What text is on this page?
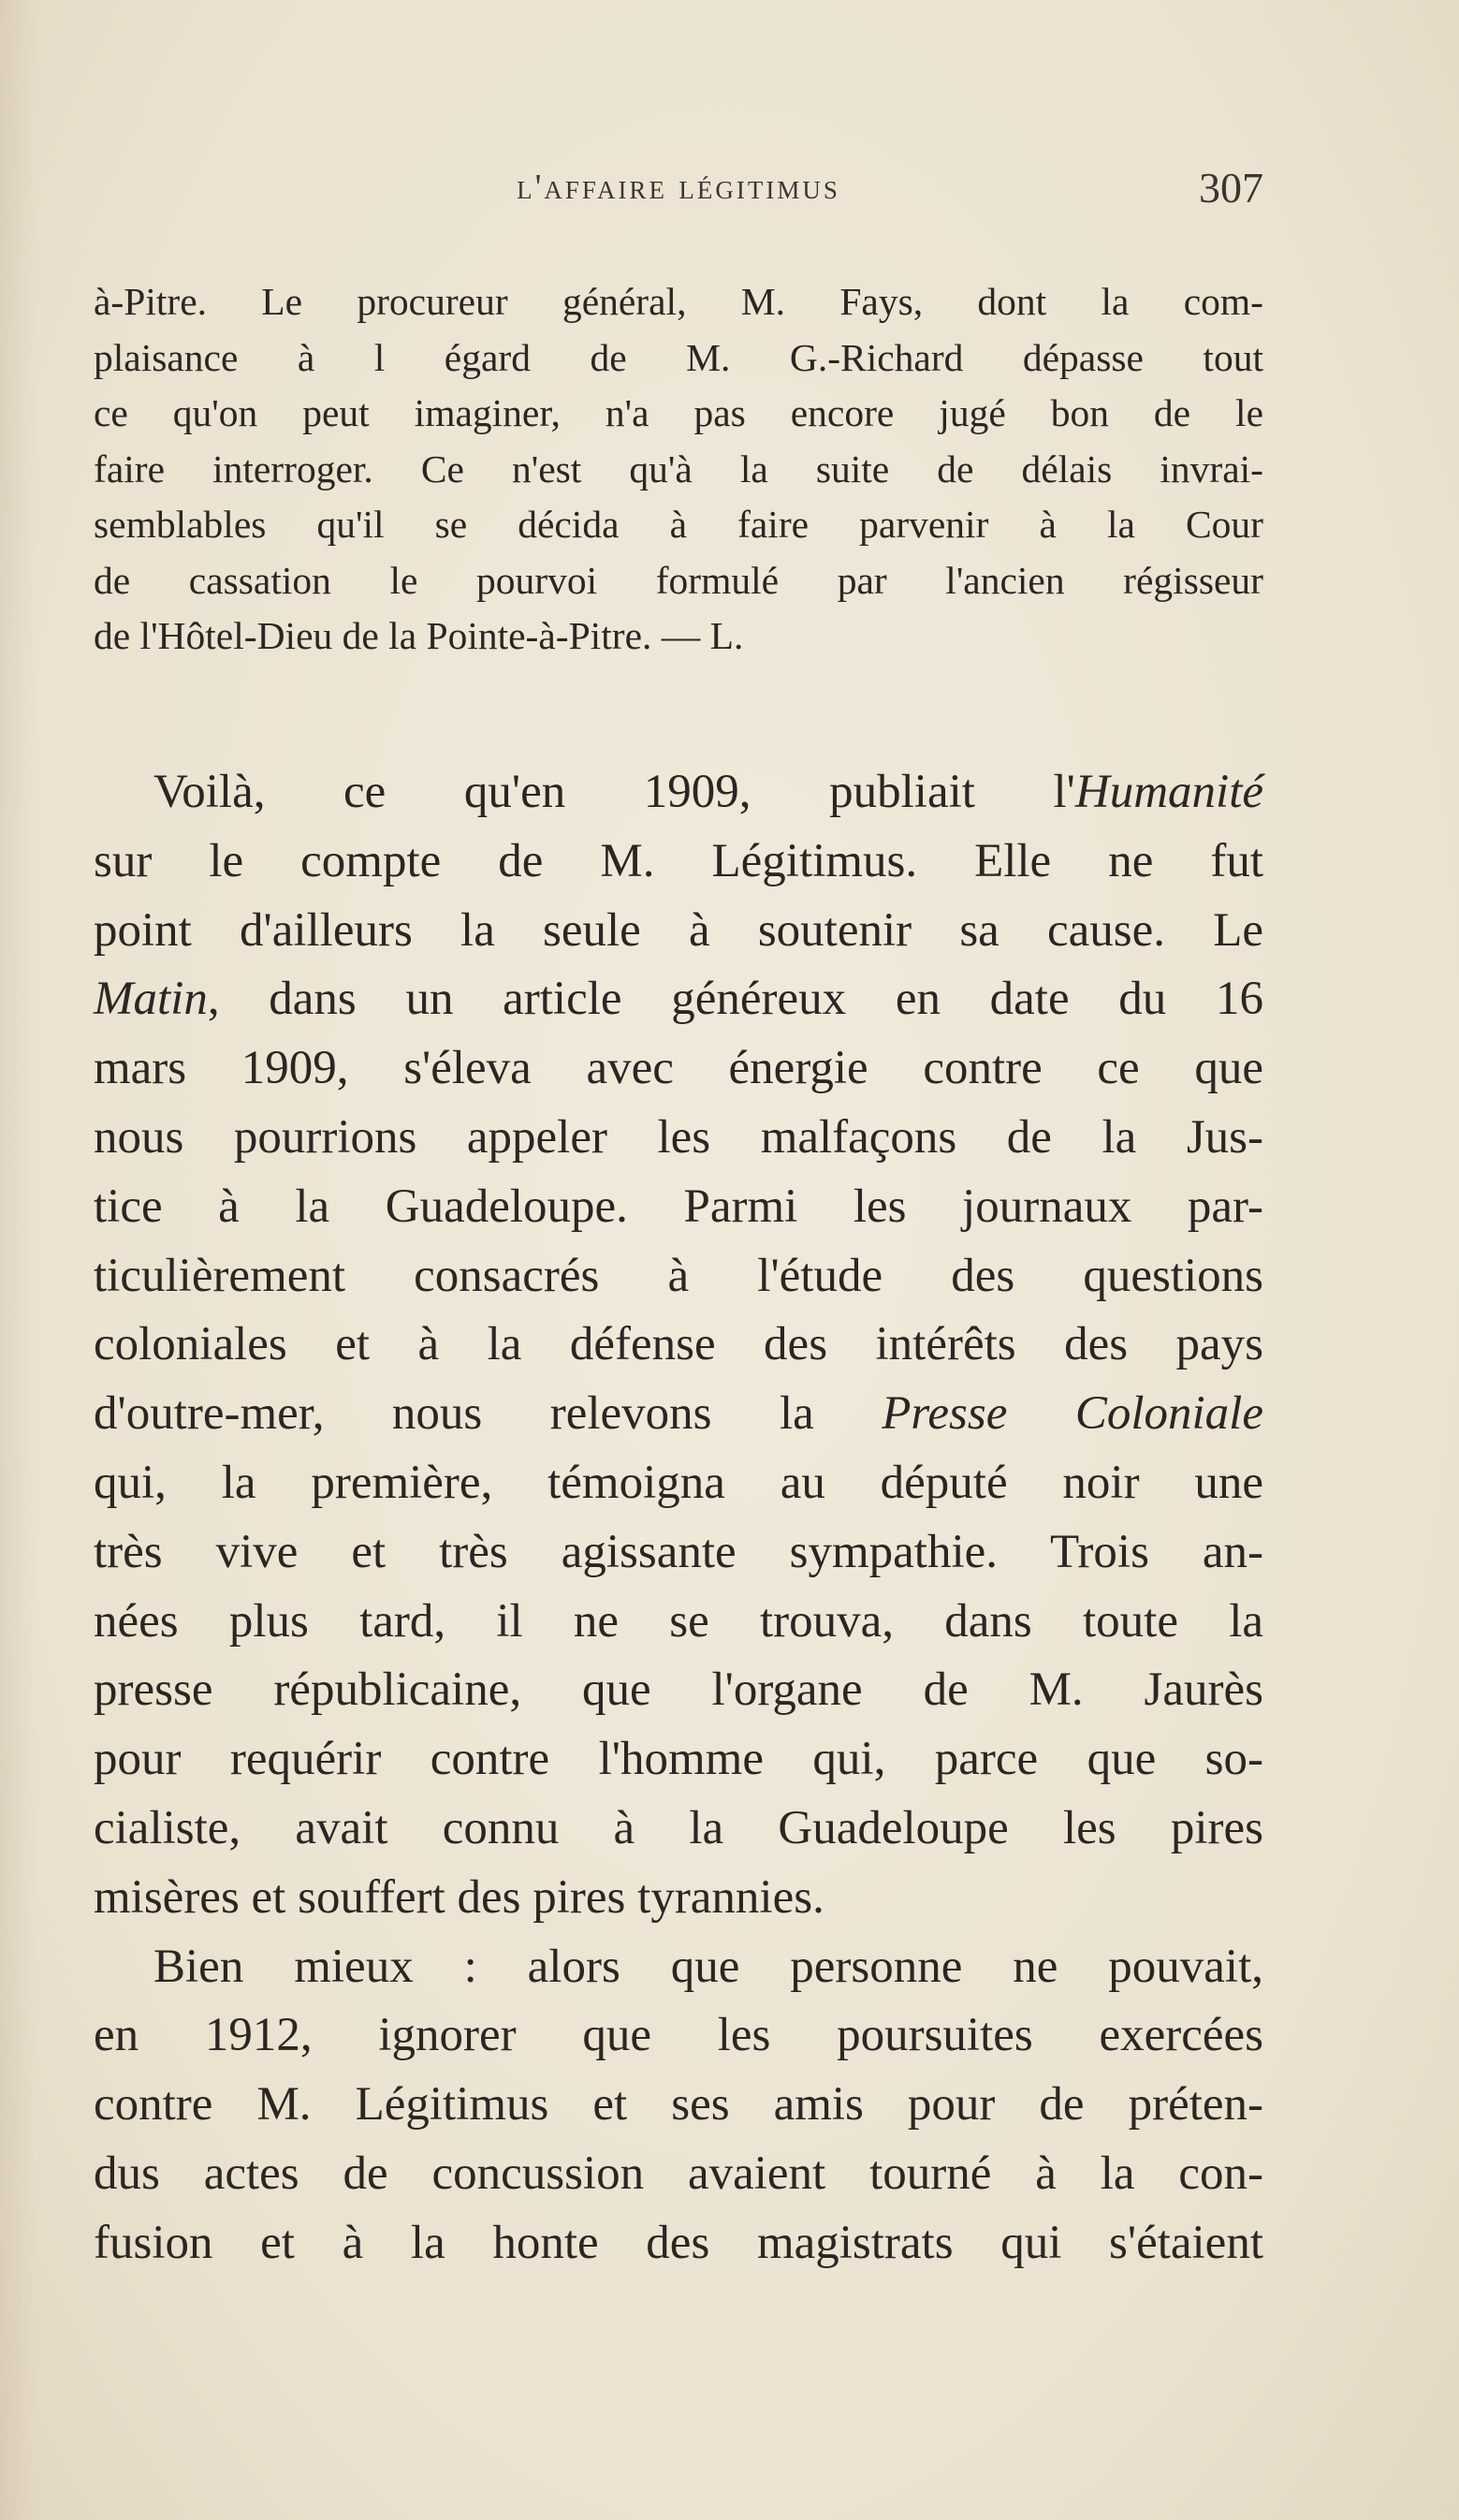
l'affaire légitimus	307
à-Pitre. Le procureur général, M. Fays, dont la com-
plaisance à l égard de M. G.-Richard dépasse tout
ce qu'on peut imaginer, n'a pas encore jugé bon de le
faire interroger. Ce n'est qu'à la suite de délais invrai-
semblables qu'il se décida à faire parvenir à la Cour
de cassation le pourvoi formulé par l'ancien régisseur
de l'Hôtel-Dieu de la Pointe-à-Pitre. — L.
Voilà, ce qu'en 1909, publiait l'Humanité
sur le compte de M. Légitimus. Elle ne fut
point d'ailleurs la seule à soutenir sa cause. Le
Matin, dans un article généreux en date du 16
mars 1909, s'éleva avec énergie contre ce que
nous pourrions appeler les malfaçons de la Jus-
tice à la Guadeloupe. Parmi les journaux par-
ticulièrement consacrés à l'étude des questions
coloniales et à la défense des intérêts des pays
d'outre-mer, nous relevons la Presse Coloniale
qui, la première, témoigna au député noir une
très vive et très agissante sympathie. Trois an-
nées plus tard, il ne se trouva, dans toute la
presse républicaine, que l'organe de M. Jaurès
pour requérir contre l'homme qui, parce que so-
cialiste, avait connu à la Guadeloupe les pires
misères et souffert des pires tyrannies.
Bien mieux : alors que personne ne pouvait,
en 1912, ignorer que les poursuites exercées
contre M. Légitimus et ses amis pour de préten-
dus actes de concussion avaient tourné à la con-
fusion et à la honte des magistrats qui s'étaient
